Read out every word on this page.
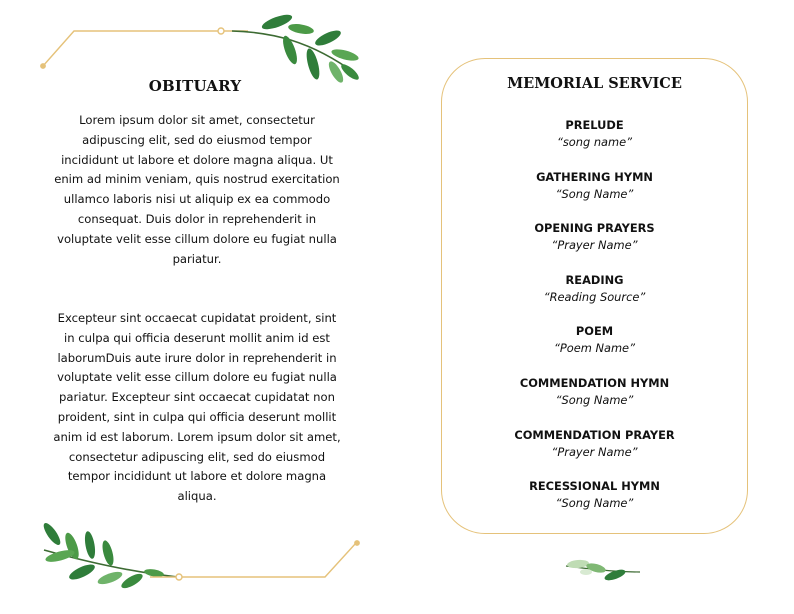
OBITUARY

Lorem ipsum dolor sit amet, consectetur adipuscing elit, sed do eiusmod tempor incididunt ut labore et dolore magna aliqua. Ut enim ad minim veniam, quis nostrud exercitation ullamco laboris nisi ut aliquip ex ea commodo consequat. Duis dolor in reprehenderit in voluptate velit esse cillum dolore eu fugiat nulla pariatur.

Excepteur sint occaecat cupidatat proident, sint in culpa qui officia deserunt mollit anim id est laborumDuis aute irure dolor in reprehenderit in voluptate velit esse cillum dolore eu fugiat nulla pariatur. Excepteur sint occaecat cupidatat non proident, sint in culpa qui officia deserunt mollit anim id est laborum. Lorem ipsum dolor sit amet, consectetur adipuscing elit, sed do eiusmod tempor incididunt ut labore et dolore magna aliqua.

MEMORIAL SERVICE
PRELUDE
“song name”
GATHERING HYMN
“Song Name”
OPENING PRAYERS
“Prayer Name”
READING
“Reading Source”
POEM
“Poem Name”
COMMENDATION HYMN
“Song Name”
COMMENDATION PRAYER
“Prayer Name”
RECESSIONAL HYMN
“Song Name”
